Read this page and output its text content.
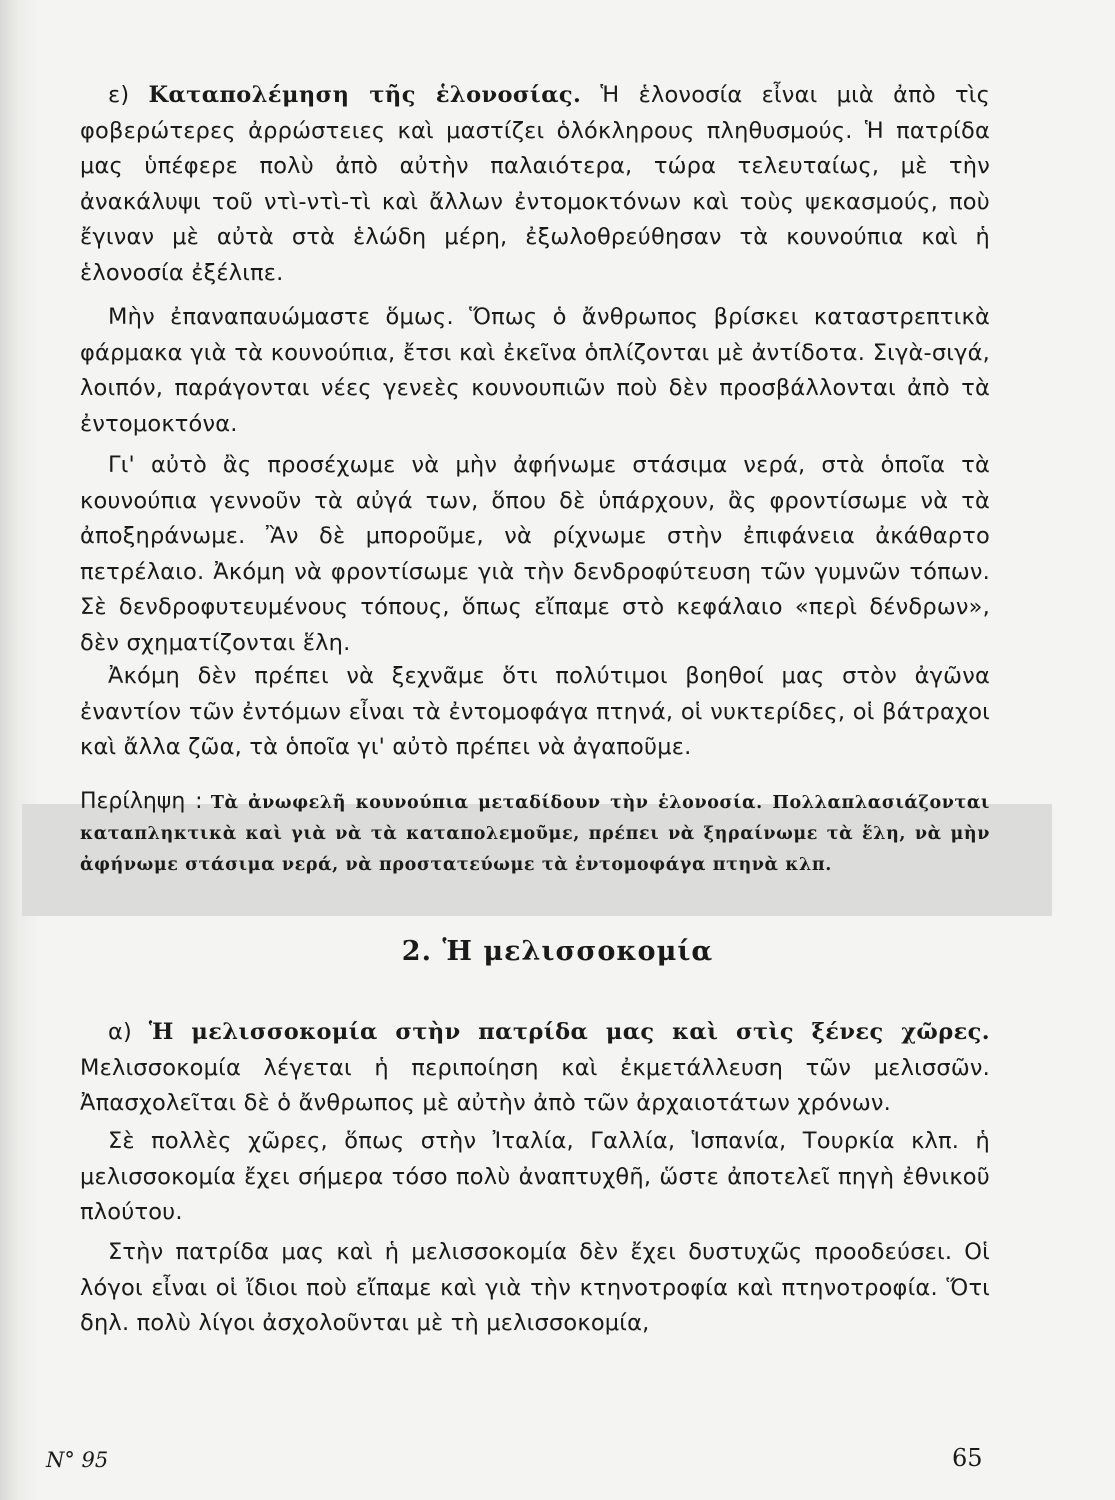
ε) Καταπολέμηση τῆς ἑλονοσίας. Ἡ ἑλονοσία εἶναι μιὰ ἀπὸ τὶς φοβερώτερες ἀρρώστειες καὶ μαστίζει ὁλόκληρους πληθυσμούς. Ἡ πατρίδα μας ὑπέφερε πολὺ ἀπὸ αὐτὴν παλαιότερα, τώρα τελευταίως, μὲ τὴν ἀνακάλυψι τοῦ ντὶ-ντὶ-τὶ καὶ ἄλλων ἐντομοκτόνων καὶ τοὺς ψεκασμούς, ποὺ ἔγιναν μὲ αὐτὰ στὰ ἑλώδη μέρη, ἐξωλοθρεύθησαν τὰ κουνούπια καὶ ἡ ἑλονοσία ἐξέλιπε.

Μὴν ἐπαναπαυώμαστε ὅμως. Ὅπως ὁ ἄνθρωπος βρίσκει καταστρεπτικὰ φάρμακα γιὰ τὰ κουνούπια, ἔτσι καὶ ἐκεῖνα ὁπλίζονται μὲ ἀντίδοτα. Σιγὰ-σιγά, λοιπόν, παράγονται νέες γενεὲς κουνουπιῶν ποὺ δὲν προσβάλλονται ἀπὸ τὰ ἐντομοκτόνα.

Γι' αὐτὸ ἂς προσέχωμε νὰ μὴν ἀφήνωμε στάσιμα νερά, στὰ ὁποῖα τὰ κουνούπια γεννοῦν τὰ αὐγά των, ὅπου δὲ ὑπάρχουν, ἂς φροντίσωμε νὰ τὰ ἀποξηράνωμε. Ἂν δὲ μποροῦμε, νὰ ρίχνωμε στὴν ἐπιφάνεια ἀκάθαρτο πετρέλαιο. Ἀκόμη νὰ φροντίσωμε γιὰ τὴν δενδροφύτευση τῶν γυμνῶν τόπων. Σὲ δενδροφυτευμένους τόπους, ὅπως εἴπαμε στὸ κεφάλαιο «περὶ δένδρων», δὲν σχηματίζονται ἕλη.

Ἀκόμη δὲν πρέπει νὰ ξεχνᾶμε ὅτι πολύτιμοι βοηθοί μας στὸν ἀγῶνα ἐναντίον τῶν ἐντόμων εἶναι τὰ ἐντομοφάγα πτηνά, οἱ νυκτερίδες, οἱ βάτραχοι καὶ ἄλλα ζῶα, τὰ ὁποῖα γι' αὐτὸ πρέπει νὰ ἀγαποῦμε.

Περίληψη : Τὰ ἀνωφελῆ κουνούπια μεταδίδουν τὴν ἑλονοσία. Πολλαπλασιάζονται καταπληκτικὰ καὶ γιὰ νὰ τὰ καταπολεμοῦμε, πρέπει νὰ ξηραίνωμε τὰ ἕλη, νὰ μὴν ἀφήνωμε στάσιμα νερά, νὰ προστατεύωμε τὰ ἐντομοφάγα πτηνὰ κλπ.

2. Ἡ μελισσοκομία

α) Ἡ μελισσοκομία στὴν πατρίδα μας καὶ στὶς ξένες χῶρες. Μελισσοκομία λέγεται ἡ περιποίηση καὶ ἐκμετάλλευση τῶν μελισσῶν. Ἀπασχολεῖται δὲ ὁ ἄνθρωπος μὲ αὐτὴν ἀπὸ τῶν ἀρχαιοτάτων χρόνων.

Σὲ πολλὲς χῶρες, ὅπως στὴν Ἰταλία, Γαλλία, Ἱσπανία, Τουρκία κλπ. ἡ μελισσοκομία ἔχει σήμερα τόσο πολὺ ἀναπτυχθῆ, ὥστε ἀποτελεῖ πηγὴ ἐθνικοῦ πλούτου.

Στὴν πατρίδα μας καὶ ἡ μελισσοκομία δὲν ἔχει δυστυχῶς προοδεύσει. Οἱ λόγοι εἶναι οἱ ἴδιοι ποὺ εἴπαμε καὶ γιὰ τὴν κτηνοτροφία καὶ πτηνοτροφία. Ὅτι δηλ. πολὺ λίγοι ἀσχολοῦνται μὲ τὴ μελισσοκομία,

Ν° 95	65
